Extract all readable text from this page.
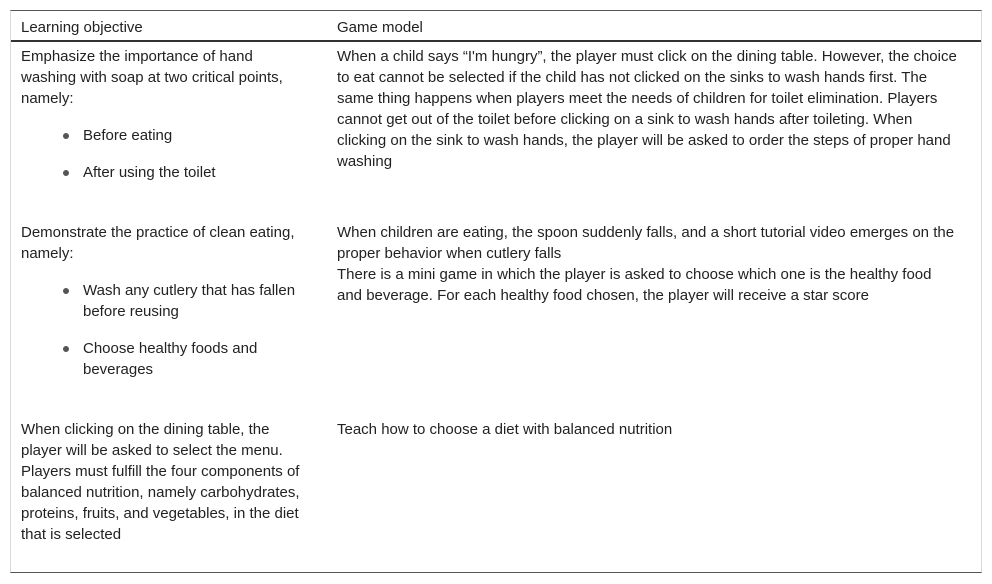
Learning objective	Game model
Emphasize the importance of hand washing with soap at two critical points, namely:
Before eating
After using the toilet
When a child says “I'm hungry”, the player must click on the dining table. However, the choice to eat cannot be selected if the child has not clicked on the sinks to wash hands first. The same thing happens when players meet the needs of children for toilet elimination. Players cannot get out of the toilet before clicking on a sink to wash hands after toileting. When clicking on the sink to wash hands, the player will be asked to order the steps of proper hand washing
Demonstrate the practice of clean eating, namely:
Wash any cutlery that has fallen before reusing
Choose healthy foods and beverages
When children are eating, the spoon suddenly falls, and a short tutorial video emerges on the proper behavior when cutlery falls
There is a mini game in which the player is asked to choose which one is the healthy food and beverage. For each healthy food chosen, the player will receive a star score
When clicking on the dining table, the player will be asked to select the menu. Players must fulfill the four components of balanced nutrition, namely carbohydrates, proteins, fruits, and vegetables, in the diet that is selected
Teach how to choose a diet with balanced nutrition
